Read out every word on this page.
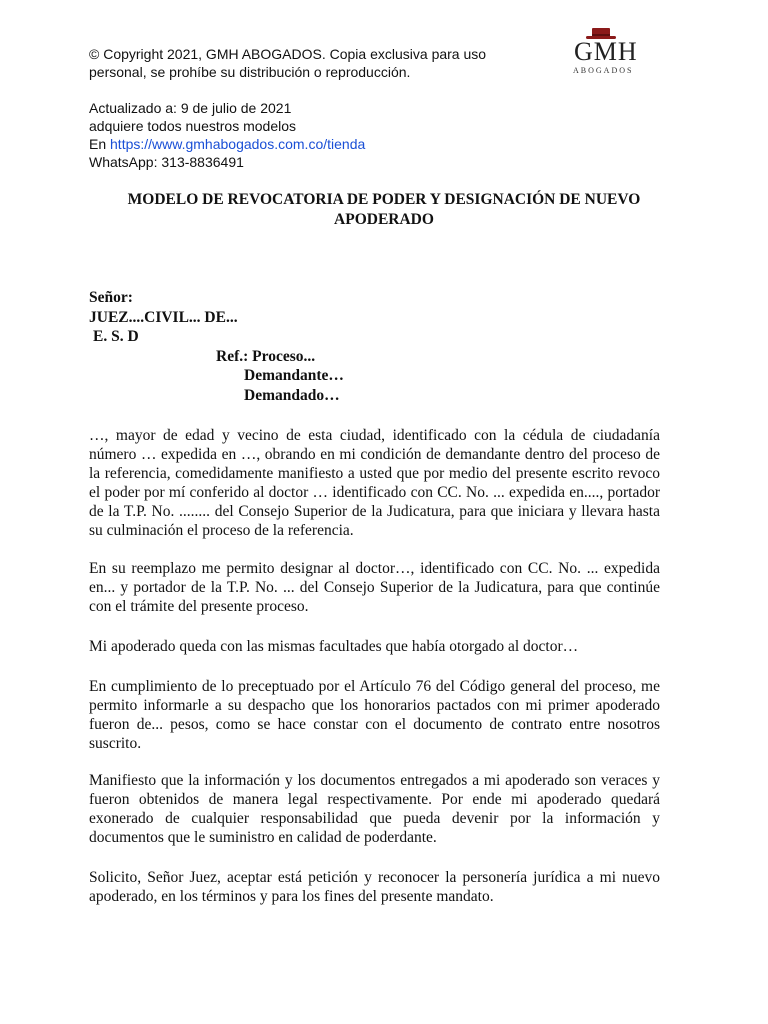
© Copyright 2021, GMH ABOGADOS. Copia exclusiva para uso
personal, se prohíbe su distribución o reproducción.
Actualizado a: 9 de julio de 2021
adquiere todos nuestros modelos
En https://www.gmhabogados.com.co/tienda
WhatsApp: 313-8836491
GMH
ABOGADOS
MODELO DE REVOCATORIA DE PODER Y DESIGNACIÓN DE NUEVO
APODERADO
Señor:
JUEZ....CIVIL... DE...
E. S. D
Ref.: Proceso...
Demandante…
Demandado…

…, mayor de edad y vecino de esta ciudad, identificado con la cédula de ciudadanía número … expedida en …, obrando en mi condición de demandante dentro del proceso de la referencia, comedidamente manifiesto a usted que por medio del presente escrito revoco el poder por mí conferido al doctor … identificado con CC. No. ... expedida en...., portador de la T.P. No. ........ del Consejo Superior de la Judicatura, para que iniciara y llevara hasta su culminación el proceso de la referencia.

En su reemplazo me permito designar al doctor…, identificado con CC. No. ... expedida en... y portador de la T.P. No. ... del Consejo Superior de la Judicatura, para que continúe con el trámite del presente proceso.

Mi apoderado queda con las mismas facultades que había otorgado al doctor…

En cumplimiento de lo preceptuado por el Artículo 76 del Código general del proceso, me permito informarle a su despacho que los honorarios pactados con mi primer apoderado fueron de... pesos, como se hace constar con el documento de contrato entre nosotros suscrito.

Manifiesto que la información y los documentos entregados a mi apoderado son veraces y fueron obtenidos de manera legal respectivamente. Por ende mi apoderado quedará exonerado de cualquier responsabilidad que pueda devenir por la información y documentos que le suministro en calidad de poderdante.

Solicito, Señor Juez, aceptar está petición y reconocer la personería jurídica a mi nuevo apoderado, en los términos y para los fines del presente mandato.
